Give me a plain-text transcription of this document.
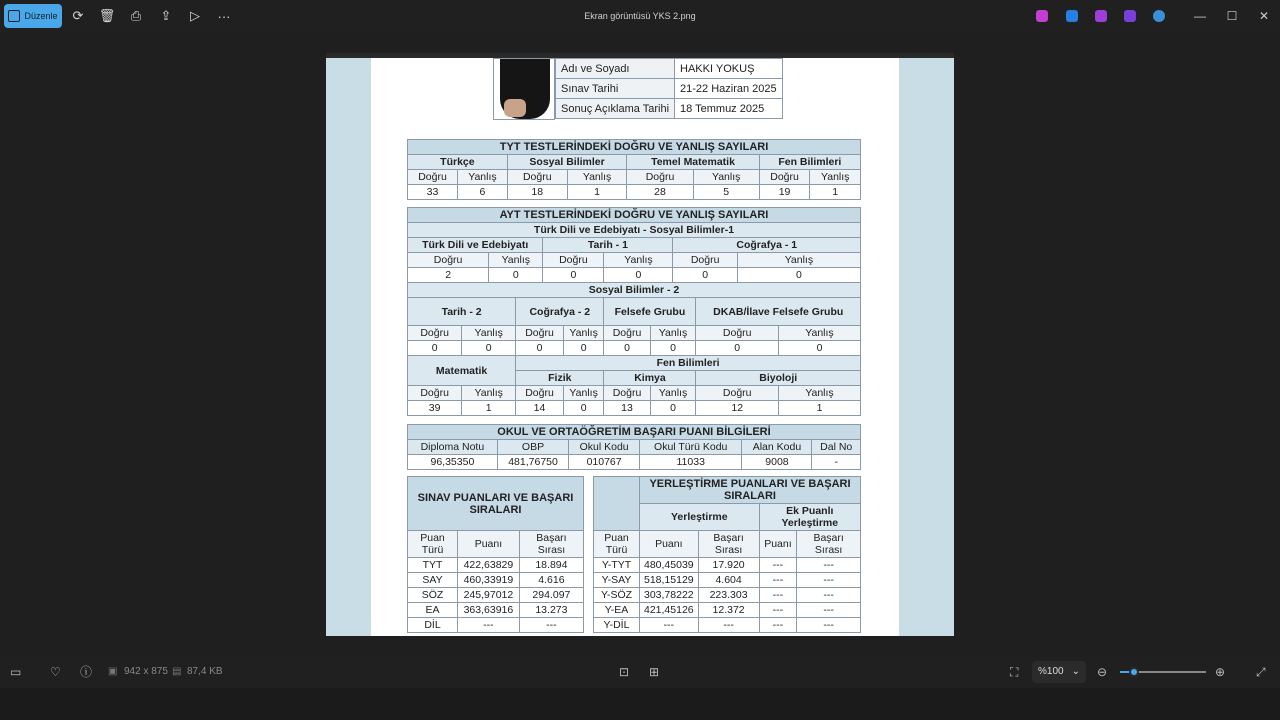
Düzenle	⟳	🗑︎	⎙	⇪	▷	···	Ekran görüntüsü YKS 2.png	—	☐	✕
Adı ve Soyadı	HAKKI YOKUŞ
Sınav Tarihi	21-22 Haziran 2025
Sonuç Açıklama Tarihi	18 Temmuz 2025
TYT TESTLERİNDEKİ DOĞRU VE YANLIŞ SAYILARI							
Türkçe		Sosyal Bilimler		Temel Matematik		Fen Bilimleri	
Doğru	Yanlış	Doğru	Yanlış	Doğru	Yanlış	Doğru	Yanlış
33	6	18	1	28	5	19	1
AYT TESTLERİNDEKİ DOĞRU VE YANLIŞ SAYILARI											
Türk Dili ve Edebiyatı - Sosyal Bilimler-1											
Türk Dili ve Edebiyatı				Tarih - 1				Coğrafya - 1			
Doğru		Yanlış		Doğru		Yanlış		Doğru		Yanlış	
2		0		0		0		0		0	
Sosyal Bilimler - 2											
Tarih - 2			Coğrafya - 2			Felsefe Grubu			DKAB/İlave Felsefe Grubu		
Doğru	Yanlış		Doğru		Yanlış	Doğru	Yanlış		Doğru		Yanlış
0	0		0		0	0	0		0		0
Matematik			Fen Bilimleri								
			Fizik			Kimya			Biyoloji		
Doğru	Yanlış		Doğru		Yanlış	Doğru	Yanlış		Doğru		Yanlış
39	1		14		0	13	0		12		1
OKUL VE ORTAÖĞRETİM BAŞARI PUANI BİLGİLERİ					
Diploma Notu	OBP	Okul Kodu	Okul Türü Kodu	Alan Kodu	Dal No
96,35350	481,76750	010767	11033	9008	-
SINAV PUANLARI VE BAŞARI SIRALARI		
Puan Türü	Puanı	Başarı Sırası
TYT	422,63829	18.894
SAY	460,33919	4.616
SÖZ	245,97012	294.097
EA	363,63916	13.273
DİL	---	---
	YERLEŞTİRME PUANLARI VE BAŞARI SIRALARI			
	Yerleştirme		Ek Puanlı Yerleştirme	
Puan Türü	Puanı	Başarı Sırası	Puanı	Başarı Sırası
Y-TYT	480,45039	17.920	---	---
Y-SAY	518,15129	4.604	---	---
Y-SÖZ	303,78222	223.303	---	---
Y-EA	421,45126	12.372	---	---
Y-DİL	---	---	---	---
▭ ♡ ⓘ ▣ 942 x 875 ▤ 87,4 KB	⊡ ⊞	⛶	⊖	⊕	⤢
%100 ⌄
